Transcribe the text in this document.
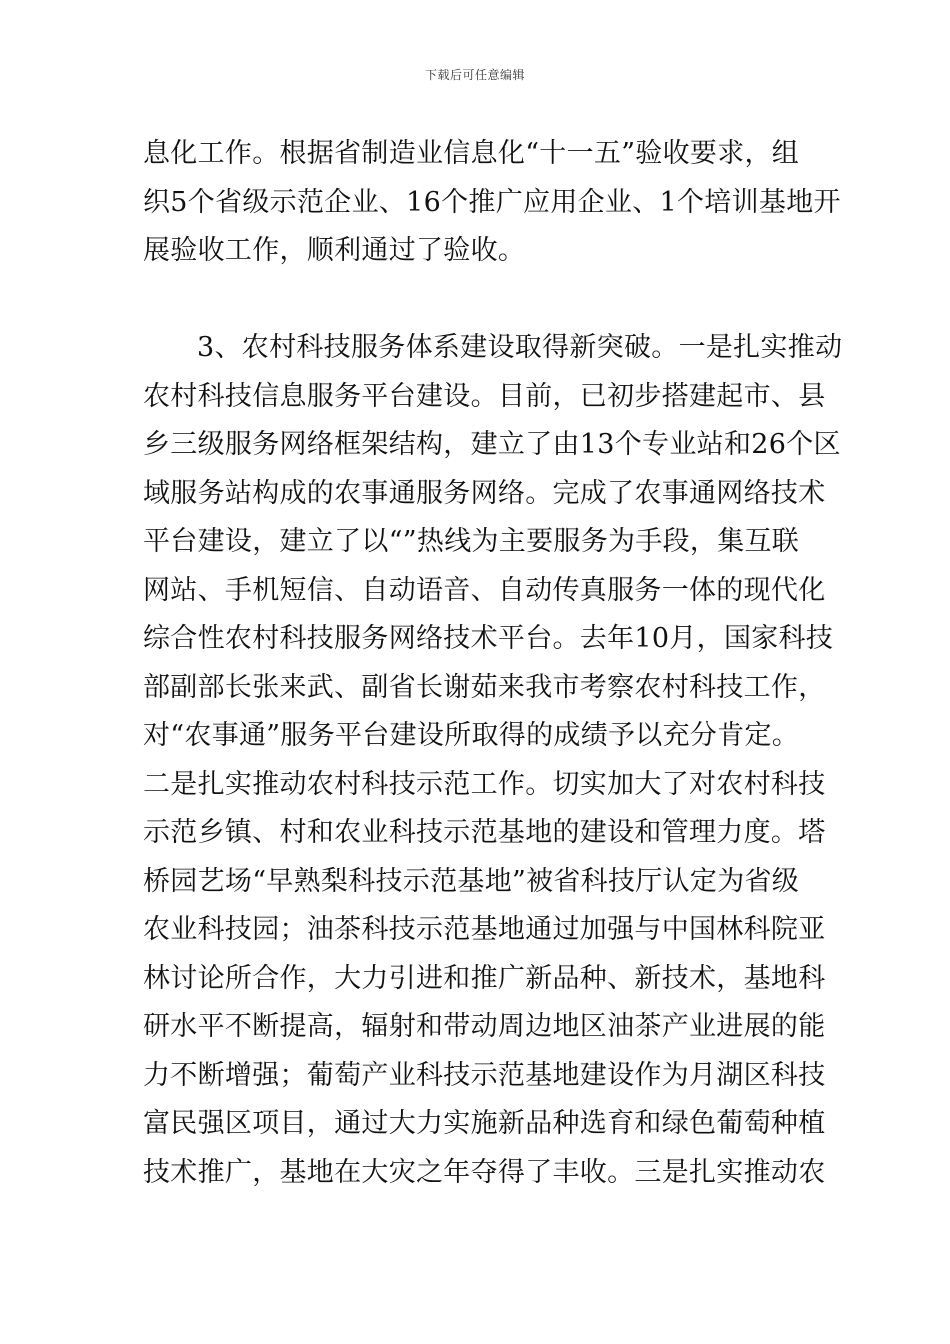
下载后可任意编辑
息化工作。根据省制造业信息化“十一五”验收要求，组
织5个省级示范企业、16个推广应用企业、1个培训基地开
展验收工作，顺利通过了验收。
3、农村科技服务体系建设取得新突破。一是扎实推动
农村科技信息服务平台建设。目前，已初步搭建起市、县
乡三级服务网络框架结构，建立了由13个专业站和26个区
域服务站构成的农事通服务网络。完成了农事通网络技术
平台建设，建立了以“”热线为主要服务为手段，集互联
网站、手机短信、自动语音、自动传真服务一体的现代化
综合性农村科技服务网络技术平台。去年10月，国家科技
部副部长张来武、副省长谢茹来我市考察农村科技工作，
对“农事通”服务平台建设所取得的成绩予以充分肯定。
二是扎实推动农村科技示范工作。切实加大了对农村科技
示范乡镇、村和农业科技示范基地的建设和管理力度。塔
桥园艺场“早熟梨科技示范基地”被省科技厅认定为省级
农业科技园；油茶科技示范基地通过加强与中国林科院亚
林讨论所合作，大力引进和推广新品种、新技术，基地科
研水平不断提高，辐射和带动周边地区油茶产业进展的能
力不断增强；葡萄产业科技示范基地建设作为月湖区科技
富民强区项目，通过大力实施新品种选育和绿色葡萄种植
技术推广，基地在大灾之年夺得了丰收。三是扎实推动农
